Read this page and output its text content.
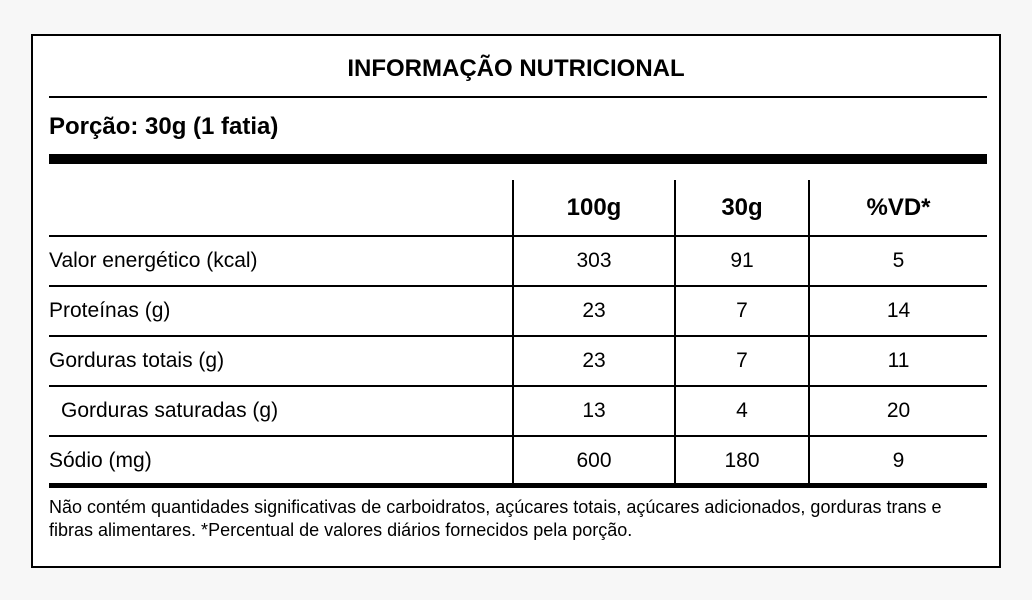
INFORMAÇÃO NUTRICIONAL
Porção: 30g (1 fatia)
	100g	30g	%VD*
Valor energético (kcal)	303	91	5
Proteínas (g)	23	7	14
Gorduras totais (g)	23	7	11
Gorduras saturadas (g)	13	4	20
Sódio (mg)	600	180	9
Não contém quantidades significativas de carboidratos, açúcares totais, açúcares adicionados, gorduras trans e fibras alimentares. *Percentual de valores diários fornecidos pela porção.
